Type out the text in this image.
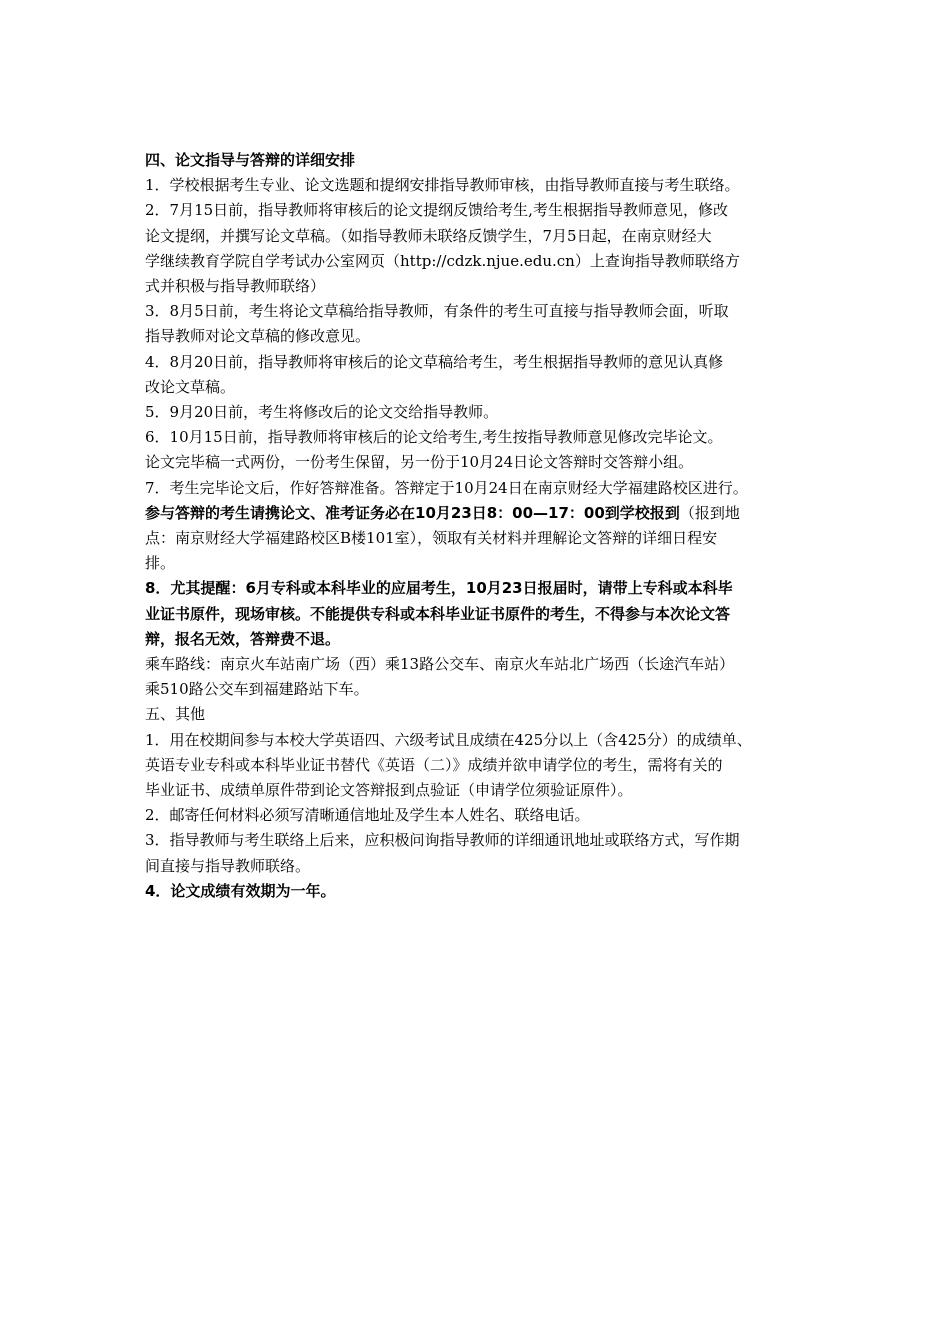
四、论文指导与答辩的详细安排

1．学校根据考生专业、论文选题和提纲安排指导教师审核，由指导教师直接与考生联络。

2．7月15日前，指导教师将审核后的论文提纲反馈给考生,考生根据指导教师意见，修改

论文提纲，并撰写论文草稿。（如指导教师未联络反馈学生，7月5日起，在南京财经大

学继续教育学院自学考试办公室网页（http://cdzk.njue.edu.cn）上查询指导教师联络方

式并积极与指导教师联络）

3．8月5日前，考生将论文草稿给指导教师，有条件的考生可直接与指导教师会面，听取

指导教师对论文草稿的修改意见。

4．8月20日前，指导教师将审核后的论文草稿给考生，考生根据指导教师的意见认真修

改论文草稿。

5．9月20日前，考生将修改后的论文交给指导教师。

6．10月15日前，指导教师将审核后的论文给考生,考生按指导教师意见修改完毕论文。

论文完毕稿一式两份，一份考生保留，另一份于10月24日论文答辩时交答辩小组。

7．考生完毕论文后，作好答辩准备。答辩定于10月24日在南京财经大学福建路校区进行。

参与答辩的考生请携论文、准考证务必在10月23日8：00—17：00到学校报到（报到地

点：南京财经大学福建路校区B楼101室），领取有关材料并理解论文答辩的详细日程安

排。

8．尤其提醒：6月专科或本科毕业的应届考生，10月23日报届时，请带上专科或本科毕

业证书原件，现场审核。不能提供专科或本科毕业证书原件的考生，不得参与本次论文答

辩，报名无效，答辩费不退。

乘车路线：南京火车站南广场（西）乘13路公交车、南京火车站北广场西（长途汽车站）

乘510路公交车到福建路站下车。

五、其他

1．用在校期间参与本校大学英语四、六级考试且成绩在425分以上（含425分）的成绩单、

英语专业专科或本科毕业证书替代《英语（二）》成绩并欲申请学位的考生，需将有关的

毕业证书、成绩单原件带到论文答辩报到点验证（申请学位须验证原件）。

2．邮寄任何材料必须写清晰通信地址及学生本人姓名、联络电话。

3．指导教师与考生联络上后来，应积极问询指导教师的详细通讯地址或联络方式，写作期

间直接与指导教师联络。

4．论文成绩有效期为一年。
